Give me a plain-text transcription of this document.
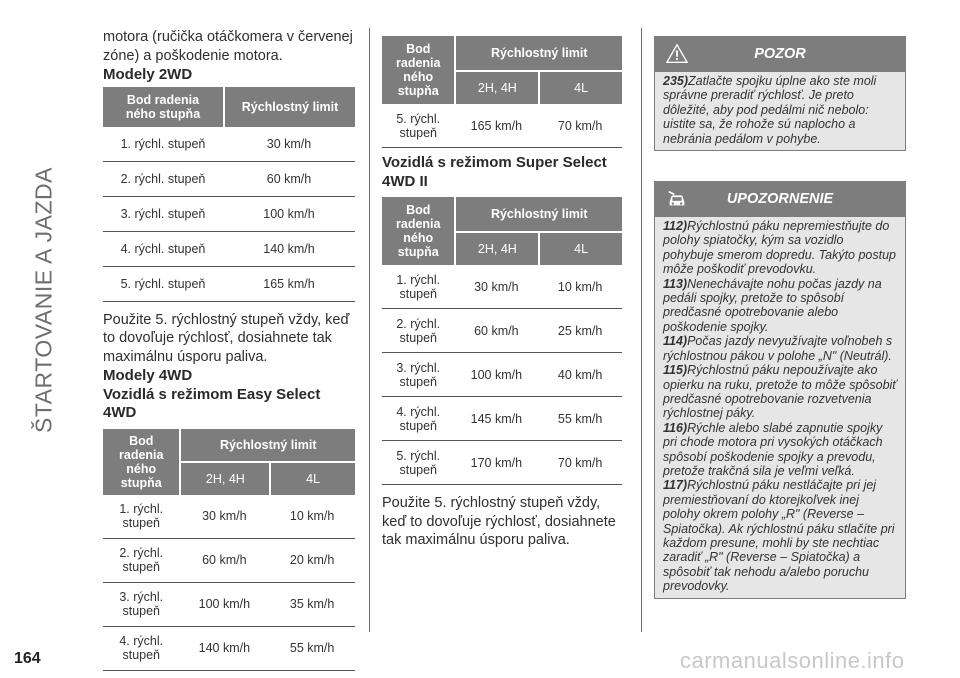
ŠTARTOVANIE A JAZDA
164	carmanualsonline.info

motora (ručička otáčkomera v červenej zóne) a poškodenie motora.

Modely 2WD
Bod radenia ného stupňa	Rýchlostný limit
1. rýchl. stupeň	30 km/h
2. rýchl. stupeň	60 km/h
3. rýchl. stupeň	100 km/h
4. rýchl. stupeň	140 km/h
5. rýchl. stupeň	165 km/h

Použite 5. rýchlostný stupeň vždy, keď to dovoľuje rýchlosť, dosiahnete tak maximálnu úsporu paliva.

Modely 4WD
Vozidlá s režimom Easy Select 4WD
Bod radenia ného stupňa	Rýchlostný limit	
	2H, 4H	4L
1. rýchl. stupeň	30 km/h	10 km/h
2. rýchl. stupeň	60 km/h	20 km/h
3. rýchl. stupeň	100 km/h	35 km/h
4. rýchl. stupeň	140 km/h	55 km/h
Bod radenia ného stupňa	Rýchlostný limit	
	2H, 4H	4L
5. rýchl. stupeň	165 km/h	70 km/h
Vozidlá s režimom Super Select 4WD II
Bod radenia ného stupňa	Rýchlostný limit	
	2H, 4H	4L
1. rýchl. stupeň	30 km/h	10 km/h
2. rýchl. stupeň	60 km/h	25 km/h
3. rýchl. stupeň	100 km/h	40 km/h
4. rýchl. stupeň	145 km/h	55 km/h
5. rýchl. stupeň	170 km/h	70 km/h

Použite 5. rýchlostný stupeň vždy, keď to dovoľuje rýchlosť, dosiahnete tak maximálnu úsporu paliva.

POZOR

235)Zatlačte spojku úplne ako ste moli správne preradiť rýchlosť. Je preto dôležité, aby pod pedálmi nič nebolo: uistite sa, že rohože sú naplocho a nebránia pedálom v pohybe.

UPOZORNENIE

112)Rýchlostnú páku nepremiestňujte do polohy spiatočky, kým sa vozidlo pohybuje smerom dopredu. Takýto postup môže poškodiť prevodovku.

113)Nenechávajte nohu počas jazdy na pedáli spojky, pretože to spôsobí predčasné opotrebovanie alebo poškodenie spojky.

114)Počas jazdy nevyužívajte voľnobeh s rýchlostnou pákou v polohe „N" (Neutrál).

115)Rýchlostnú páku nepoužívajte ako opierku na ruku, pretože to môže spôsobiť predčasné opotrebovanie rozvetvenia rýchlostnej páky.

116)Rýchle alebo slabé zapnutie spojky pri chode motora pri vysokých otáčkach spôsobí poškodenie spojky a prevodu, pretože trakčná sila je veľmi veľká.

117)Rýchlostnú páku nestláčajte pri jej premiestňovaní do ktorejkoľvek inej polohy okrem polohy „R" (Reverse – Spiatočka). Ak rýchlostnú páku stlačíte pri každom presune, mohli by ste nechtiac zaradiť „R" (Reverse – Spiatočka) a spôsobiť tak nehodu a/alebo poruchu prevodovky.
